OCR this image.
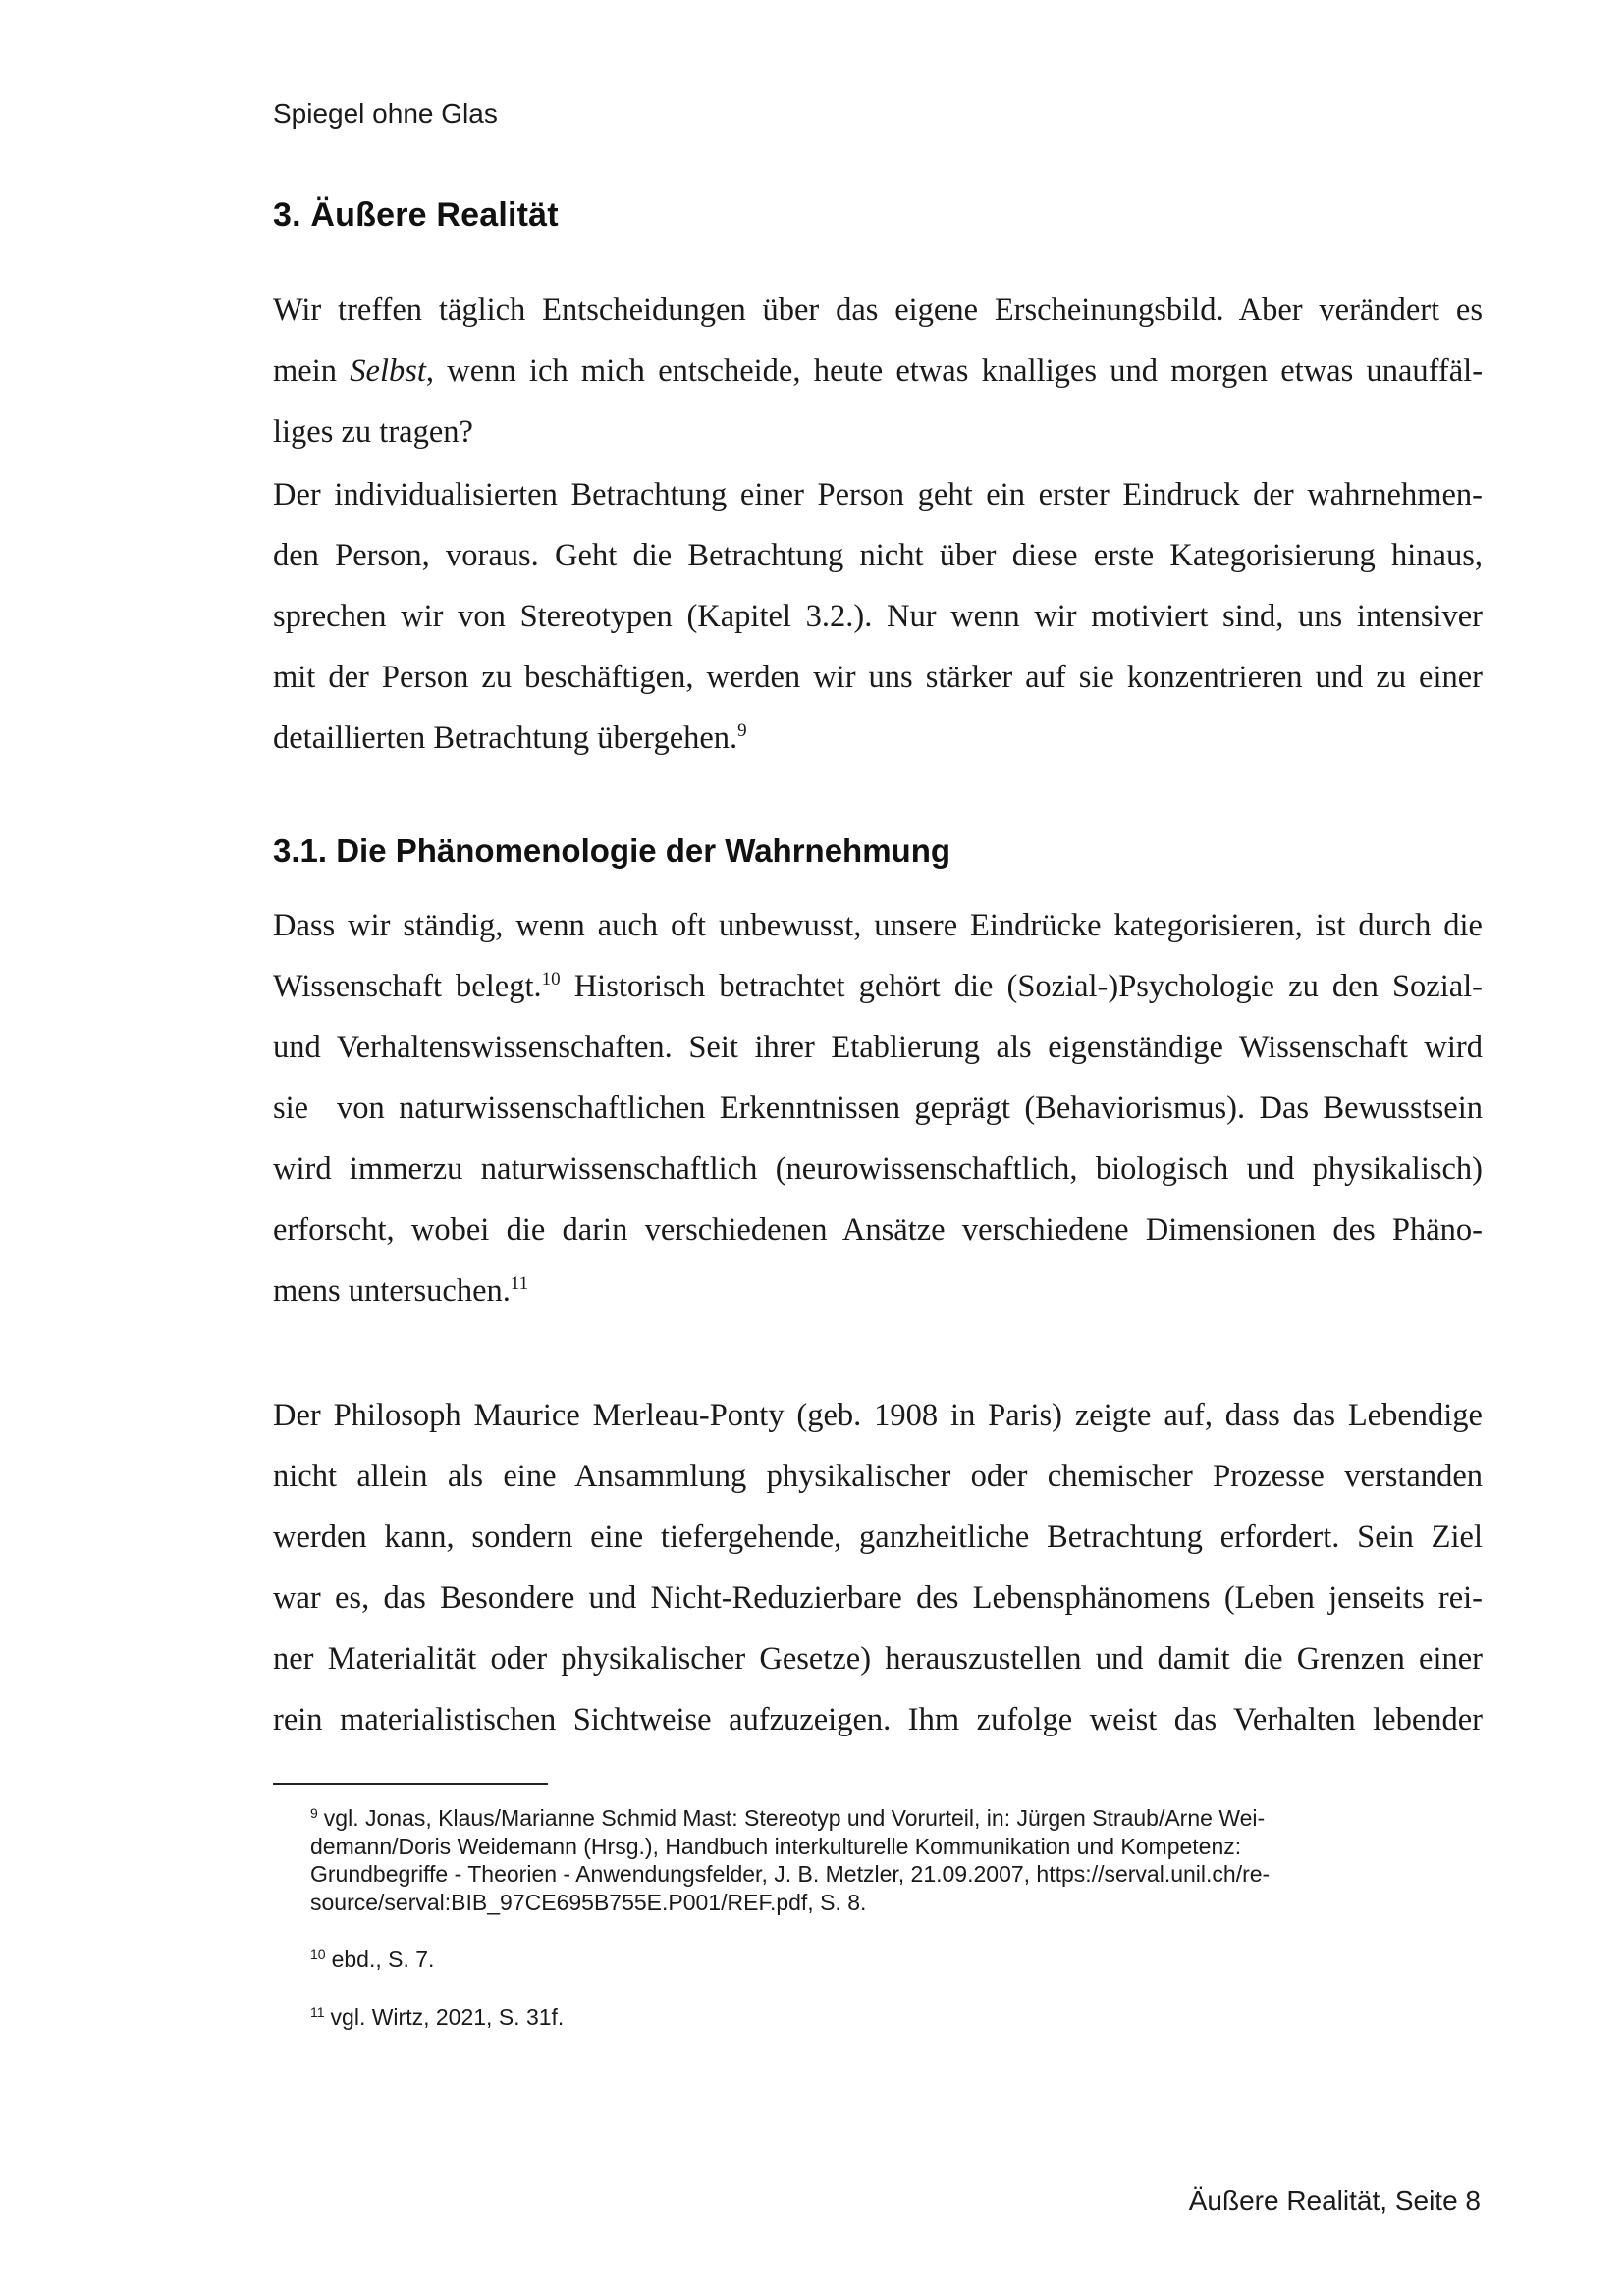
Spiegel ohne Glas
3. Äußere Realität

Wir treffen täglich Entscheidungen über das eigene Erscheinungsbild. Aber verändert es
mein Selbst, wenn ich mich entscheide, heute etwas knalliges und morgen etwas unauffäl-
liges zu tragen?

Der individualisierten Betrachtung einer Person geht ein erster Eindruck der wahrnehmen-
den Person, voraus. Geht die Betrachtung nicht über diese erste Kategorisierung hinaus,
sprechen wir von Stereotypen (Kapitel 3.2.). Nur wenn wir motiviert sind, uns intensiver
mit der Person zu beschäftigen, werden wir uns stärker auf sie konzentrieren und zu einer
detaillierten Betrachtung übergehen.$^9$

3.1. Die Phänomenologie der Wahrnehmung

Dass wir ständig, wenn auch oft unbewusst, unsere Eindrücke kategorisieren, ist durch die
Wissenschaft belegt.$^{10}$ Historisch betrachtet gehört die (Sozial-)Psychologie zu den Sozial-
und Verhaltenswissenschaften. Seit ihrer Etablierung als eigenständige Wissenschaft wird
sie  von naturwissenschaftlichen Erkenntnissen geprägt (Behaviorismus). Das Bewusstsein
wird immerzu naturwissenschaftlich (neurowissenschaftlich, biologisch und physikalisch)
erforscht, wobei die darin verschiedenen Ansätze verschiedene Dimensionen des Phäno-
mens untersuchen.$^{11}$

Der Philosoph Maurice Merleau-Ponty (geb. 1908 in Paris) zeigte auf, dass das Lebendige
nicht allein als eine Ansammlung physikalischer oder chemischer Prozesse verstanden
werden kann, sondern eine tiefergehende, ganzheitliche Betrachtung erfordert. Sein Ziel
war es, das Besondere und Nicht-Reduzierbare des Lebensphänomens (Leben jenseits rei-
ner Materialität oder physikalischer Gesetze) herauszustellen und damit die Grenzen einer
rein materialistischen Sichtweise aufzuzeigen. Ihm zufolge weist das Verhalten lebender

$^9$ vgl. Jonas, Klaus/Marianne Schmid Mast: Stereotyp und Vorurteil, in: Jürgen Straub/Arne Wei-
demann/Doris Weidemann (Hrsg.), Handbuch interkulturelle Kommunikation und Kompetenz:
Grundbegriffe - Theorien - Anwendungsfelder, J. B. Metzler, 21.09.2007, https://serval.unil.ch/re-
source/serval:BIB_97CE695B755E.P001/REF.pdf, S. 8.

$^{10}$ ebd., S. 7.

$^{11}$ vgl. Wirtz, 2021, S. 31f.

Äußere Realität, Seite 8
